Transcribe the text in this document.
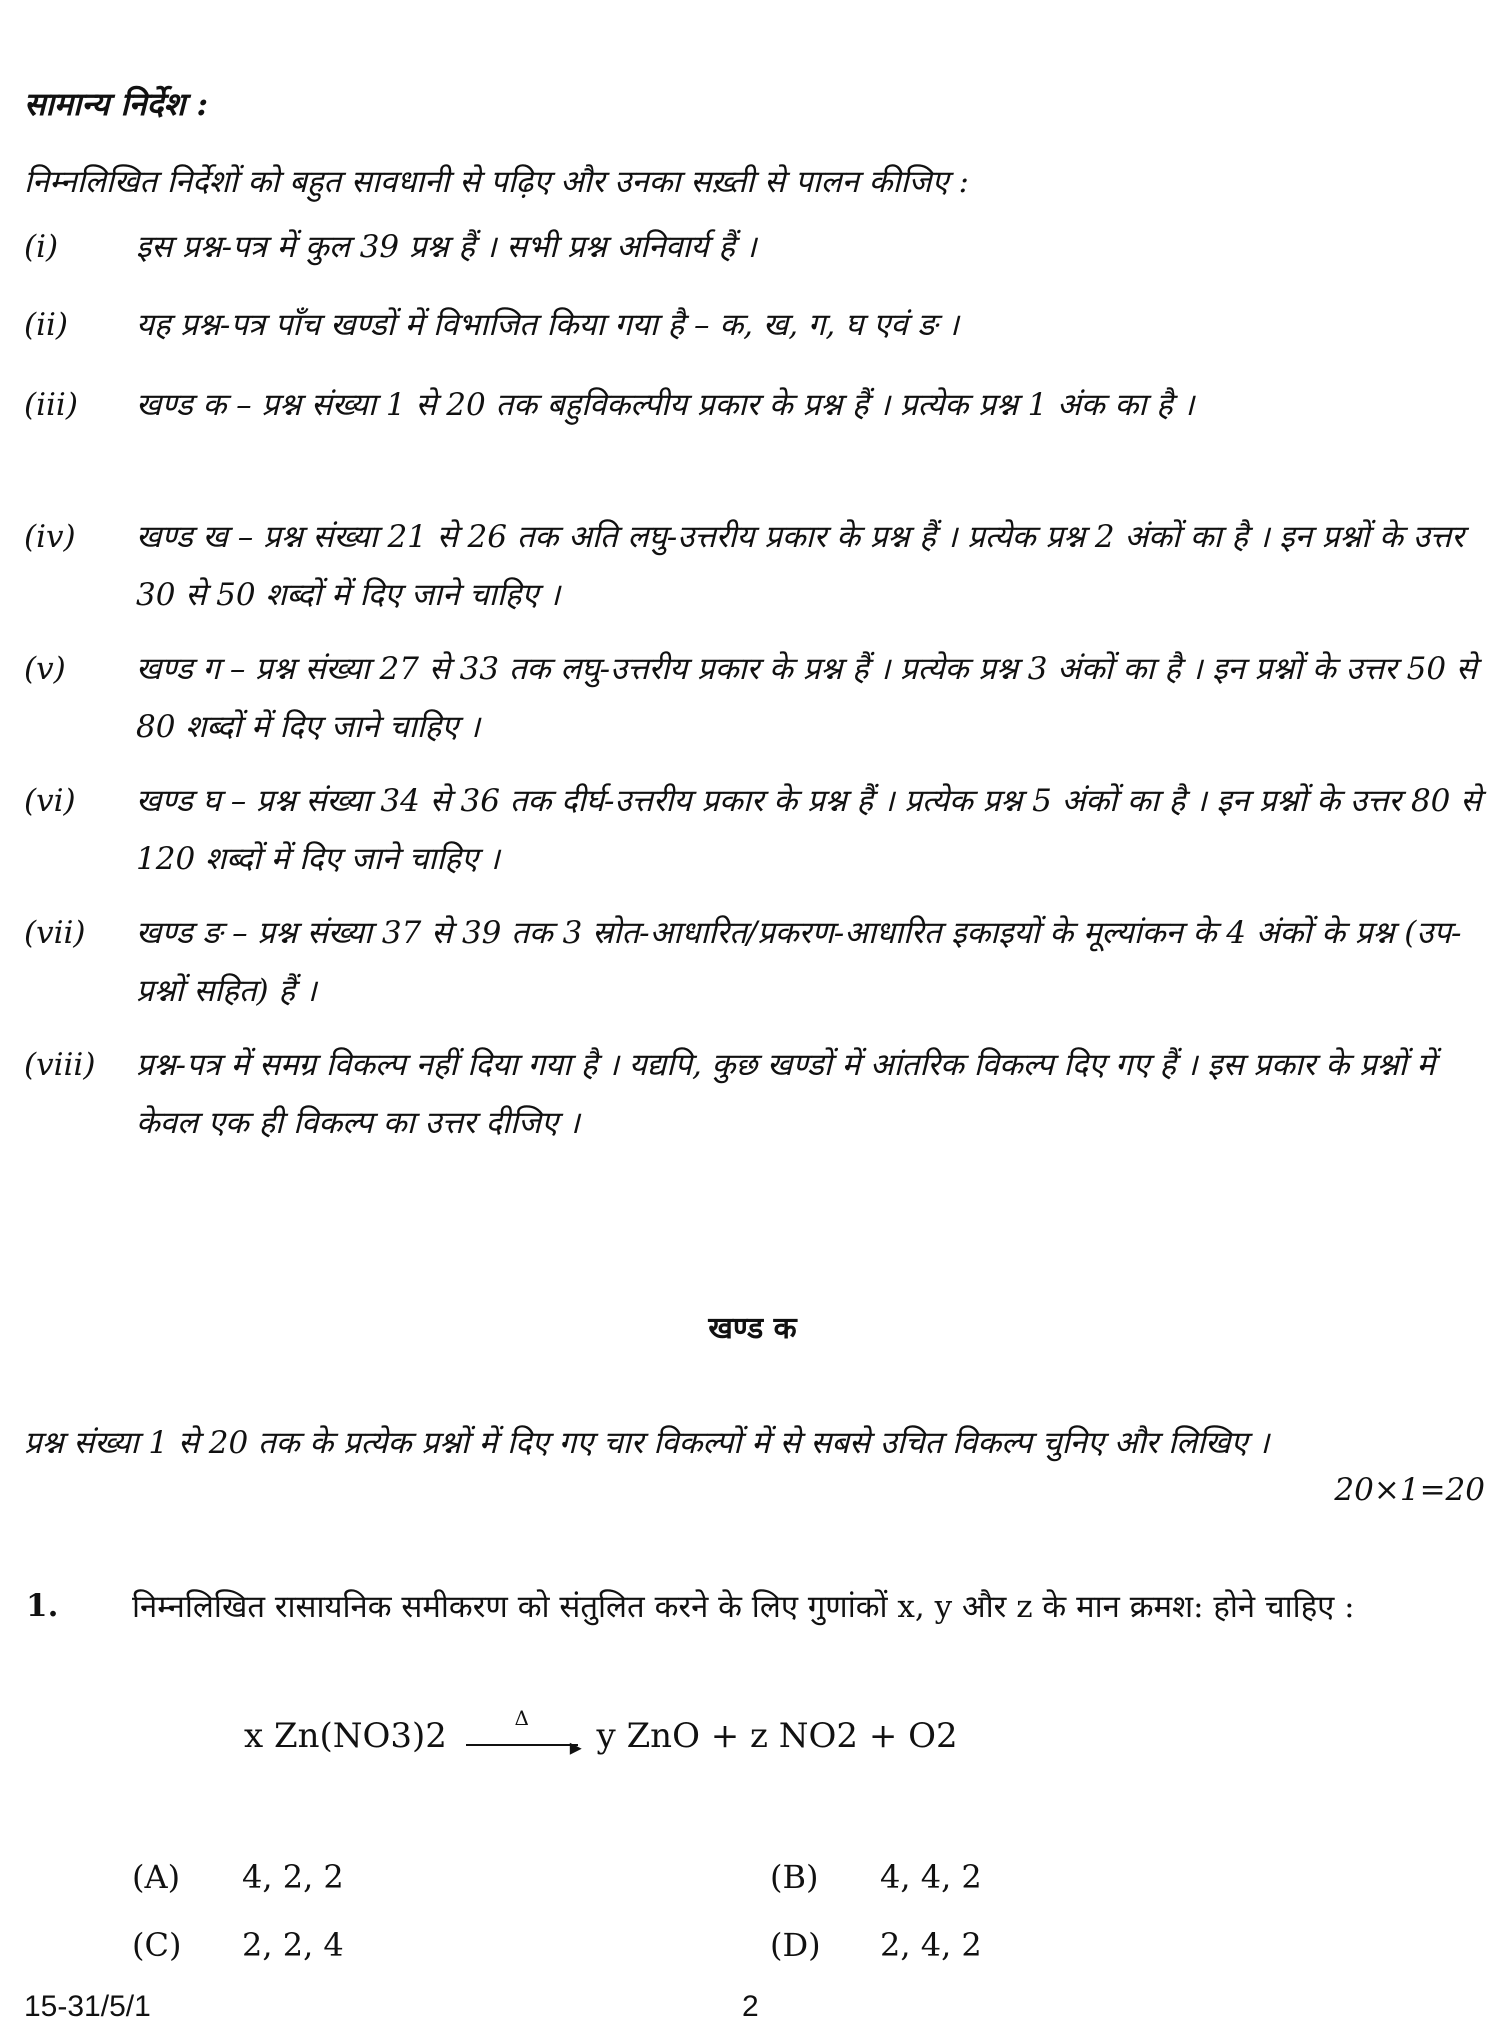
सामान्य निर्देश :
निम्नलिखित निर्देशों को बहुत सावधानी से पढ़िए और उनका सख़्ती से पालन कीजिए :
(i)	इस प्रश्न-पत्र में कुल 39 प्रश्न हैं । सभी प्रश्न अनिवार्य हैं ।
(ii)	यह प्रश्न-पत्र पाँच खण्डों में विभाजित किया गया है – क, ख, ग, घ एवं ङ ।
(iii)	खण्ड क – प्रश्न संख्या 1 से 20 तक बहुविकल्पीय प्रकार के प्रश्न हैं । प्रत्येक प्रश्न 1 अंक का है ।
(iv)	खण्ड ख – प्रश्न संख्या 21 से 26 तक अति लघु-उत्तरीय प्रकार के प्रश्न हैं । प्रत्येक प्रश्न 2 अंकों का है । इन प्रश्नों के उत्तर 30 से 50 शब्दों में दिए जाने चाहिए ।
(v)	खण्ड ग – प्रश्न संख्या 27 से 33 तक लघु-उत्तरीय प्रकार के प्रश्न हैं । प्रत्येक प्रश्न 3 अंकों का है । इन प्रश्नों के उत्तर 50 से 80 शब्दों में दिए जाने चाहिए ।
(vi)	खण्ड घ – प्रश्न संख्या 34 से 36 तक दीर्घ-उत्तरीय प्रकार के प्रश्न हैं । प्रत्येक प्रश्न 5 अंकों का है । इन प्रश्नों के उत्तर 80 से 120 शब्दों में दिए जाने चाहिए ।
(vii)	खण्ड ङ – प्रश्न संख्या 37 से 39 तक 3 स्रोत-आधारित/प्रकरण-आधारित इकाइयों के मूल्यांकन के 4 अंकों के प्रश्न (उप-प्रश्नों सहित) हैं ।
(viii)	प्रश्न-पत्र में समग्र विकल्प नहीं दिया गया है । यद्यपि, कुछ खण्डों में आंतरिक विकल्प दिए गए हैं । इस प्रकार के प्रश्नों में केवल एक ही विकल्प का उत्तर दीजिए ।
खण्ड क
प्रश्न संख्या 1 से 20 तक के प्रत्येक प्रश्नों में दिए गए चार विकल्पों में से सबसे उचित विकल्प चुनिए और लिखिए ।
20×1=20
1. निम्नलिखित रासायनिक समीकरण को संतुलित करने के लिए गुणांकों x, y और z के मान क्रमश: होने चाहिए :
x Zn(NO3)2	Δ
▸ y ZnO + z NO2 + O2
(A) 4, 2, 2	(B) 4, 4, 2
(C) 2, 2, 4	(D) 2, 4, 2
15-31/5/1	2
